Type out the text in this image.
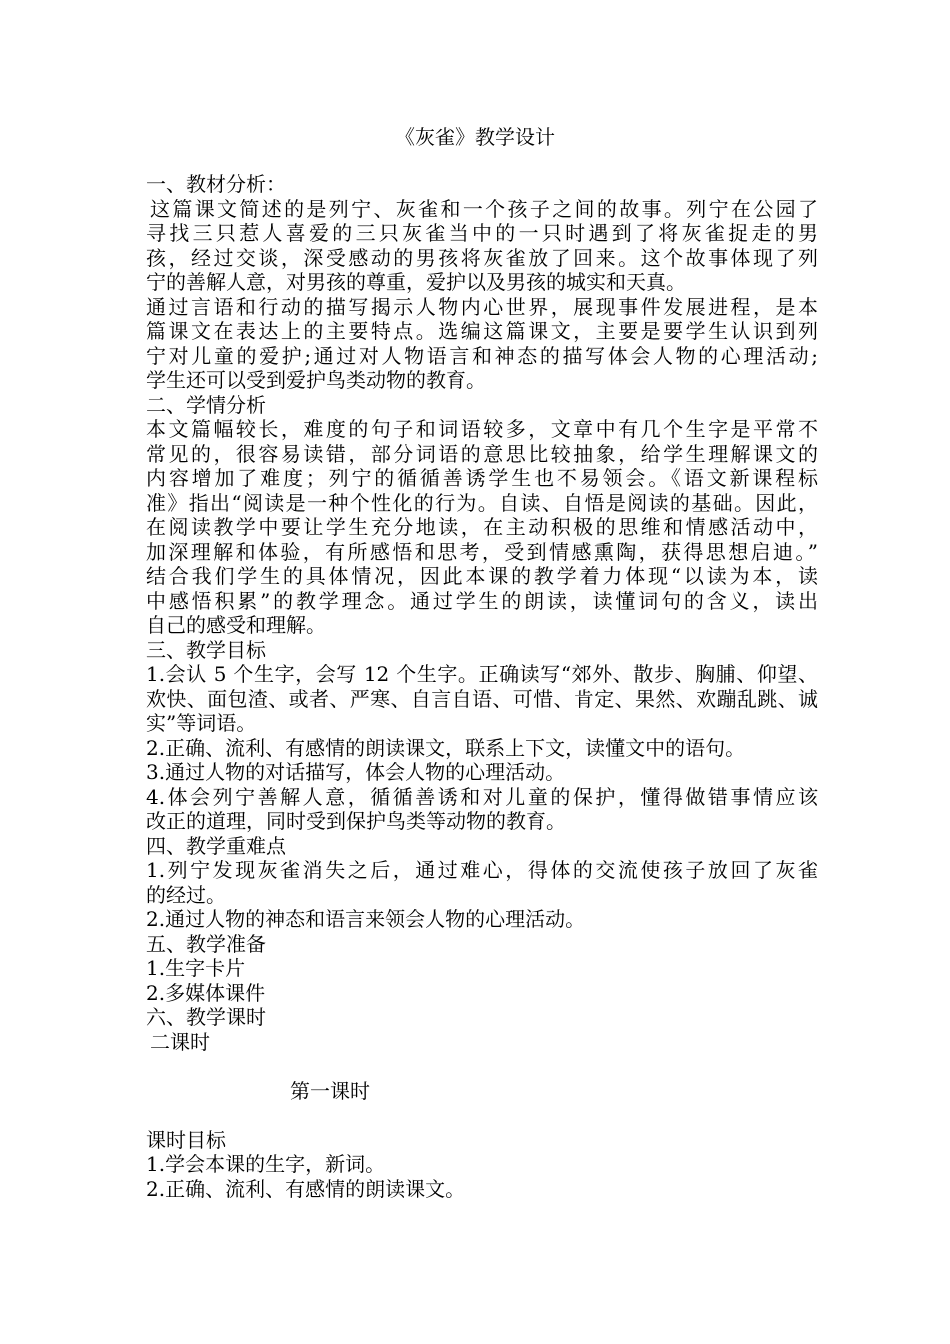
《灰雀》教学设计
一、教材分析：
这篇课文简述的是列宁、灰雀和一个孩子之间的故事。列宁在公园了
寻找三只惹人喜爱的三只灰雀当中的一只时遇到了将灰雀捉走的男
孩，经过交谈，深受感动的男孩将灰雀放了回来。这个故事体现了列
宁的善解人意，对男孩的尊重，爱护以及男孩的城实和天真。
通过言语和行动的描写揭示人物内心世界，展现事件发展进程，是本
篇课文在表达上的主要特点。选编这篇课文，主要是要学生认识到列
宁对儿童的爱护;通过对人物语言和神态的描写体会人物的心理活动;
学生还可以受到爱护鸟类动物的教育。
二、学情分析
本文篇幅较长，难度的句子和词语较多，文章中有几个生字是平常不
常见的，很容易读错，部分词语的意思比较抽象，给学生理解课文的
内容增加了难度；列宁的循循善诱学生也不易领会。《语文新课程标
准》指出“阅读是一种个性化的行为。自读、自悟是阅读的基础。因此，
在阅读教学中要让学生充分地读，在主动积极的思维和情感活动中，
加深理解和体验，有所感悟和思考，受到情感熏陶，获得思想启迪。”
结合我们学生的具体情况，因此本课的教学着力体现“以读为本，读
中感悟积累”的教学理念。通过学生的朗读，读懂词句的含义，读出
自己的感受和理解。
三、教学目标
1.会认 5 个生字，会写 12 个生字。正确读写“郊外、散步、胸脯、仰望、
欢快、面包渣、或者、严寒、自言自语、可惜、肯定、果然、欢蹦乱跳、诚
实”等词语。
2.正确、流利、有感情的朗读课文，联系上下文，读懂文中的语句。
3.通过人物的对话描写，体会人物的心理活动。
4.体会列宁善解人意，循循善诱和对儿童的保护，懂得做错事情应该
改正的道理，同时受到保护鸟类等动物的教育。
四、教学重难点
1.列宁发现灰雀消失之后，通过难心，得体的交流使孩子放回了灰雀
的经过。
2.通过人物的神态和语言来领会人物的心理活动。
五、教学准备
1.生字卡片
2.多媒体课件
六、教学课时
二课时
第一课时
课时目标
1.学会本课的生字，新词。
2.正确、流利、有感情的朗读课文。
